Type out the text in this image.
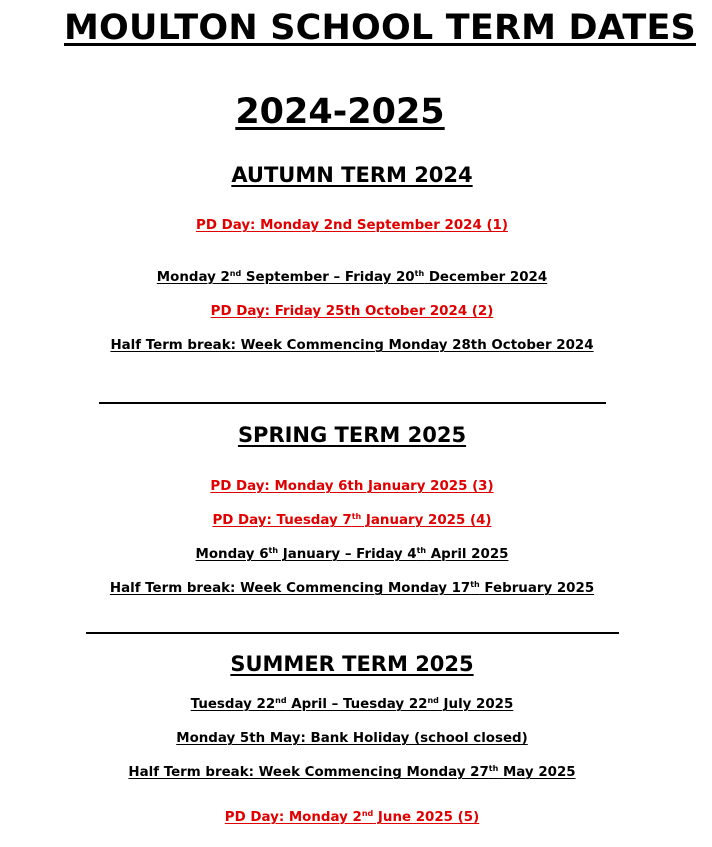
MOULTON SCHOOL TERM DATES
2024-2025
AUTUMN TERM 2024
PD Day: Monday 2nd September 2024 (1)
Monday 2nd September – Friday 20th December 2024
PD Day: Friday 25th October 2024 (2)
Half Term break: Week Commencing Monday 28th October 2024
SPRING TERM 2025
PD Day: Monday 6th January 2025 (3)
PD Day: Tuesday 7th January 2025 (4)
Monday 6th January – Friday 4th April 2025
Half Term break: Week Commencing Monday 17th February 2025
SUMMER TERM 2025
Tuesday 22nd April – Tuesday 22nd July 2025
Monday 5th May: Bank Holiday (school closed)
Half Term break: Week Commencing Monday 27th May 2025
PD Day: Monday 2nd June 2025 (5)
